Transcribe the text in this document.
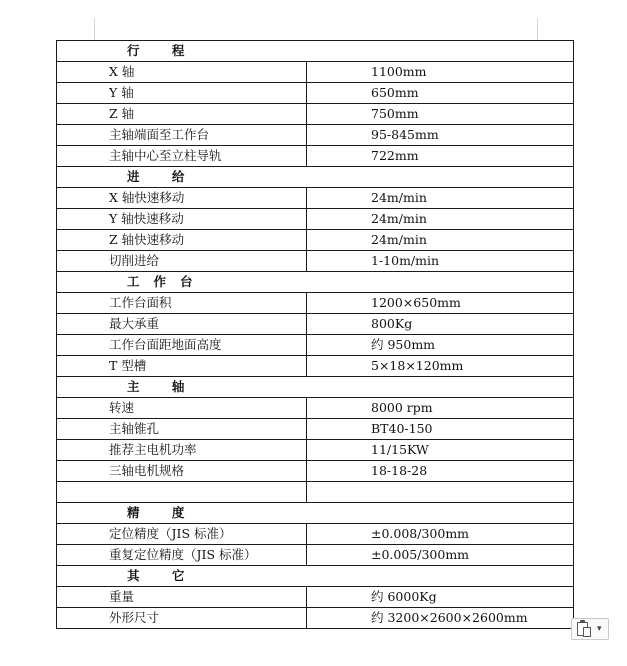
行 程	
X 轴	1100mm
Y 轴	650mm
Z 轴	750mm
主轴端面至工作台	95-845mm
主轴中心至立柱导轨	722mm
进 给	
X 轴快速移动	24m/min
Y 轴快速移动	24m/min
Z 轴快速移动	24m/min
切削进给	1-10m/min
工作台	
工作台面积	1200×650mm
最大承重	800Kg
工作台面距地面高度	约 950mm
T 型槽	5×18×120mm
主 轴	
转速	8000 rpm
主轴锥孔	BT40-150
推荐主电机功率	11/15KW
三轴电机规格	18-18-28

精 度	
定位精度（JIS 标准）	±0.008/300mm
重复定位精度（JIS 标准）	±0.005/300mm
其 它	
重量	约 6000Kg
外形尺寸	约 3200×2600×2600mm
▾
